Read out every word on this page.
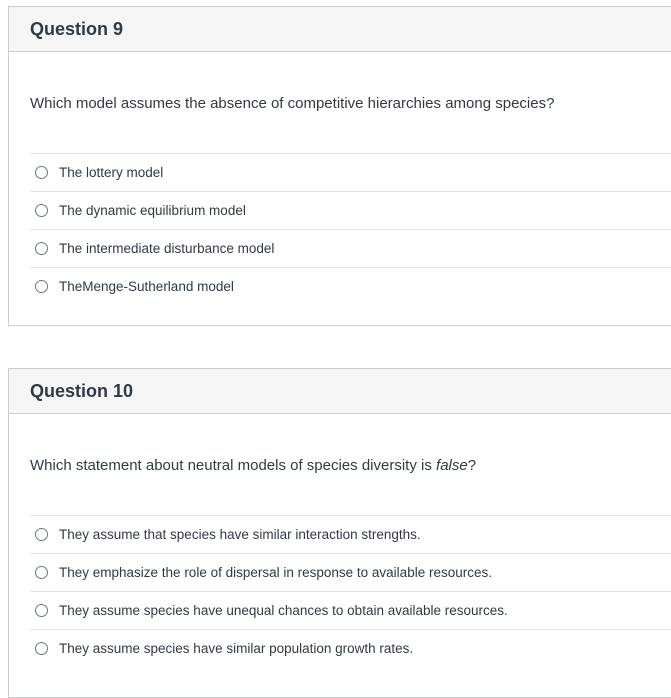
Question 9
Which model assumes the absence of competitive hierarchies among species?
The lottery model
The dynamic equilibrium model
The intermediate disturbance model
TheMenge-Sutherland model
Question 10
Which statement about neutral models of species diversity is false?
They assume that species have similar interaction strengths.
They emphasize the role of dispersal in response to available resources.
They assume species have unequal chances to obtain available resources.
They assume species have similar population growth rates.
